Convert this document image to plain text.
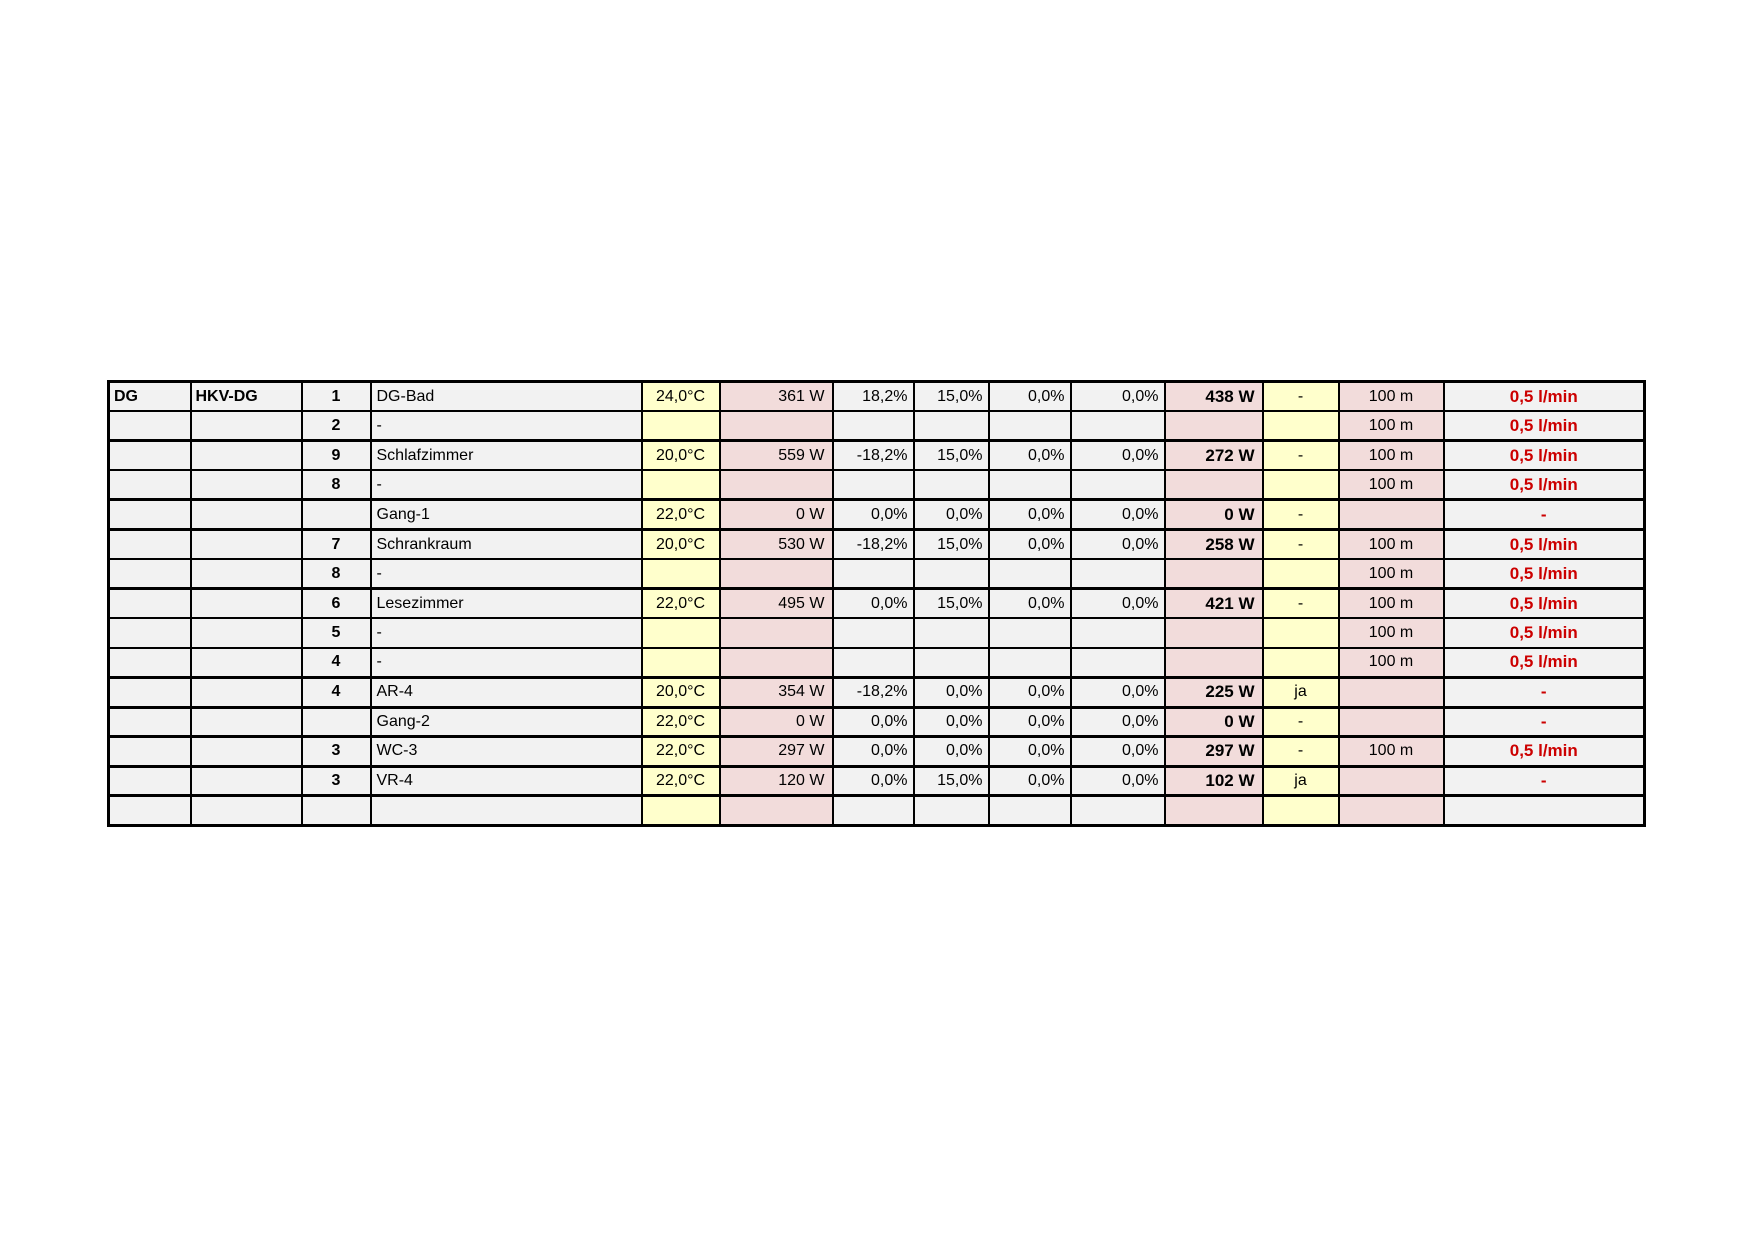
DG	HKV-DG	1	DG-Bad	24,0°C	361 W	18,2%	15,0%	0,0%	0,0%	438 W	-	100 m	0,5 l/min
		2	-									100 m	0,5 l/min
		9	Schlafzimmer	20,0°C	559 W	-18,2%	15,0%	0,0%	0,0%	272 W	-	100 m	0,5 l/min
		8	-									100 m	0,5 l/min
			Gang-1	22,0°C	0 W	0,0%	0,0%	0,0%	0,0%	0 W	-		-
		7	Schrankraum	20,0°C	530 W	-18,2%	15,0%	0,0%	0,0%	258 W	-	100 m	0,5 l/min
		8	-									100 m	0,5 l/min
		6	Lesezimmer	22,0°C	495 W	0,0%	15,0%	0,0%	0,0%	421 W	-	100 m	0,5 l/min
		5	-									100 m	0,5 l/min
		4	-									100 m	0,5 l/min
		4	AR-4	20,0°C	354 W	-18,2%	0,0%	0,0%	0,0%	225 W	ja		-
			Gang-2	22,0°C	0 W	0,0%	0,0%	0,0%	0,0%	0 W	-		-
		3	WC-3	22,0°C	297 W	0,0%	0,0%	0,0%	0,0%	297 W	-	100 m	0,5 l/min
		3	VR-4	22,0°C	120 W	0,0%	15,0%	0,0%	0,0%	102 W	ja		-
